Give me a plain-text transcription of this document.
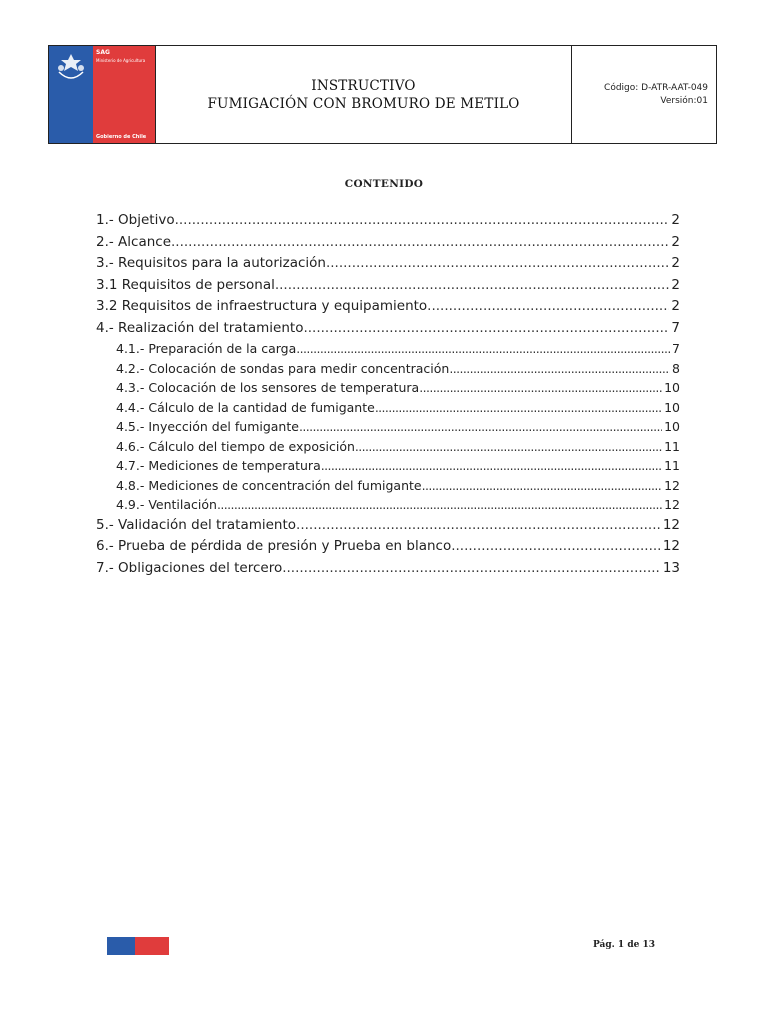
SAG
Ministerio de Agricultura
Gobierno de Chile
INSTRUCTIVO
FUMIGACIÓN CON BROMURO DE METILO
Código: D-ATR-AAT-049
Versión:01
CONTENIDO
1.- Objetivo .....	2
2.- Alcance .....	2
3.- Requisitos para la autorización .....	2
3.1 Requisitos de personal .....	2
3.2 Requisitos de infraestructura y equipamiento .....	2
4.- Realización del tratamiento .....	7
4.1.- Preparación de la carga .....	7
4.2.- Colocación de sondas para medir concentración .....	8
4.3.- Colocación de los sensores de temperatura .....	10
4.4.- Cálculo de la cantidad de fumigante .....	10
4.5.- Inyección del fumigante .....	10
4.6.- Cálculo del tiempo de exposición .....	11
4.7.- Mediciones de temperatura .....	11
4.8.- Mediciones de concentración del fumigante .....	12
4.9.- Ventilación .....	12
5.- Validación del tratamiento .....	12
6.- Prueba de pérdida de presión y Prueba en blanco .....	12
7.- Obligaciones del tercero .....	13
Pág. 1 de 13
